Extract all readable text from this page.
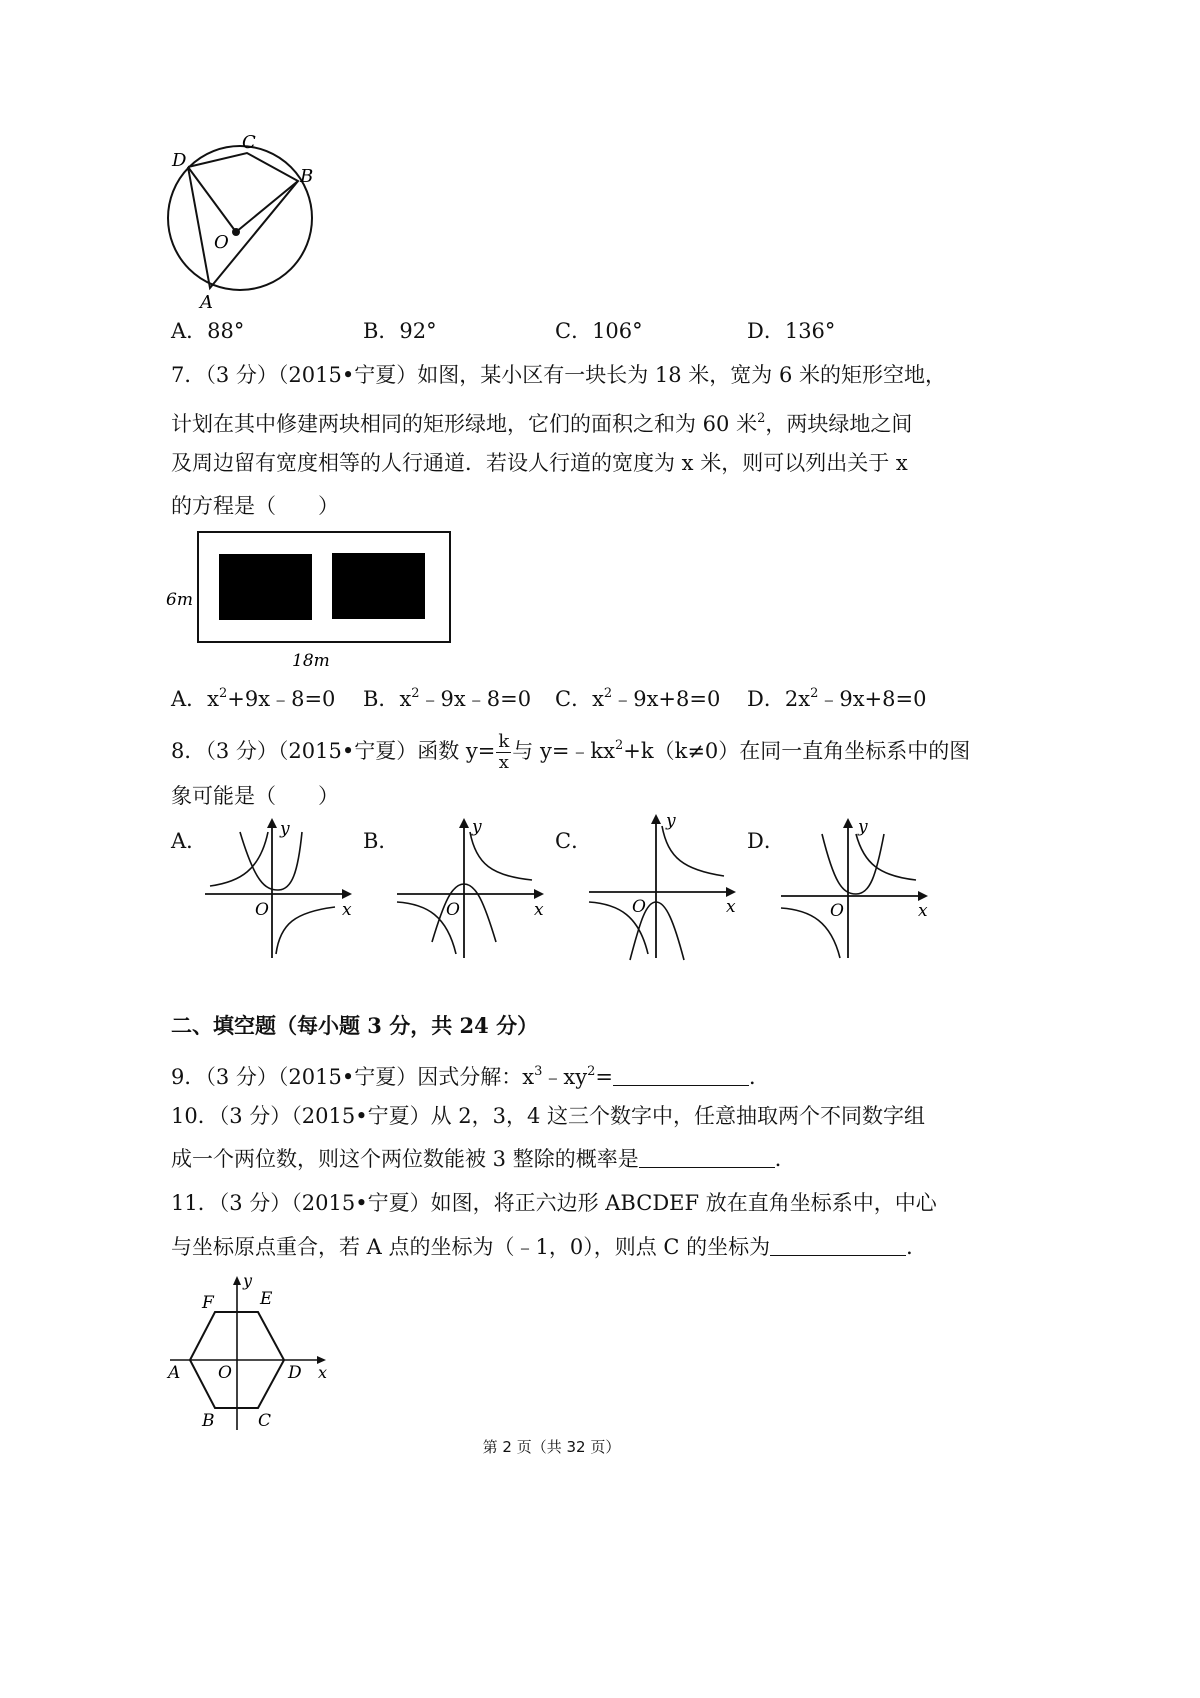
D
C
B
O
A
A．88°	B．92°	C．106°	D．136°
7．（3 分）（2015•宁夏）如图，某小区有一块长为 18 米，宽为 6 米的矩形空地，
计划在其中修建两块相同的矩形绿地，它们的面积之和为 60 米$^2$，两块绿地之间
及周边留有宽度相等的人行通道．若设人行道的宽度为 x 米，则可以列出关于 x
的方程是（　　）
6m
18m
A．$x^2+9x﹣8=0$ B．$x^2﹣9x﹣8=0$ C．$x^2﹣9x+8=0$ D．$2x^2﹣9x+8=0$
8．（3 分）（2015•宁夏）函数 $y= \frac{k}{x}$ 与 $y=﹣kx^2+k(k\ne 0)$在同一直角坐标系中的图
象可能是（　　）
A．	B．	C．	D．
y
x
O
y
x
O
y
x
O
y
x
O
二、填空题（每小题 3 分，共 24 分）
9．（3 分）（2015•宁夏）因式分解：$x^3﹣xy^2=$	．
10．（3 分）（2015•宁夏）从 2，3，4 这三个数字中，任意抽取两个不同数字组
成一个两位数，则这个两位数能被 3 整除的概率是	．
11．（3 分）（2015•宁夏）如图，将正六边形 ABCDEF 放在直角坐标系中，中心
与坐标原点重合，若 A 点的坐标为（﹣1，0），则点 C 的坐标为	．
y
x
F	E
A O	D
B	C
第 2 页（共 32 页）
